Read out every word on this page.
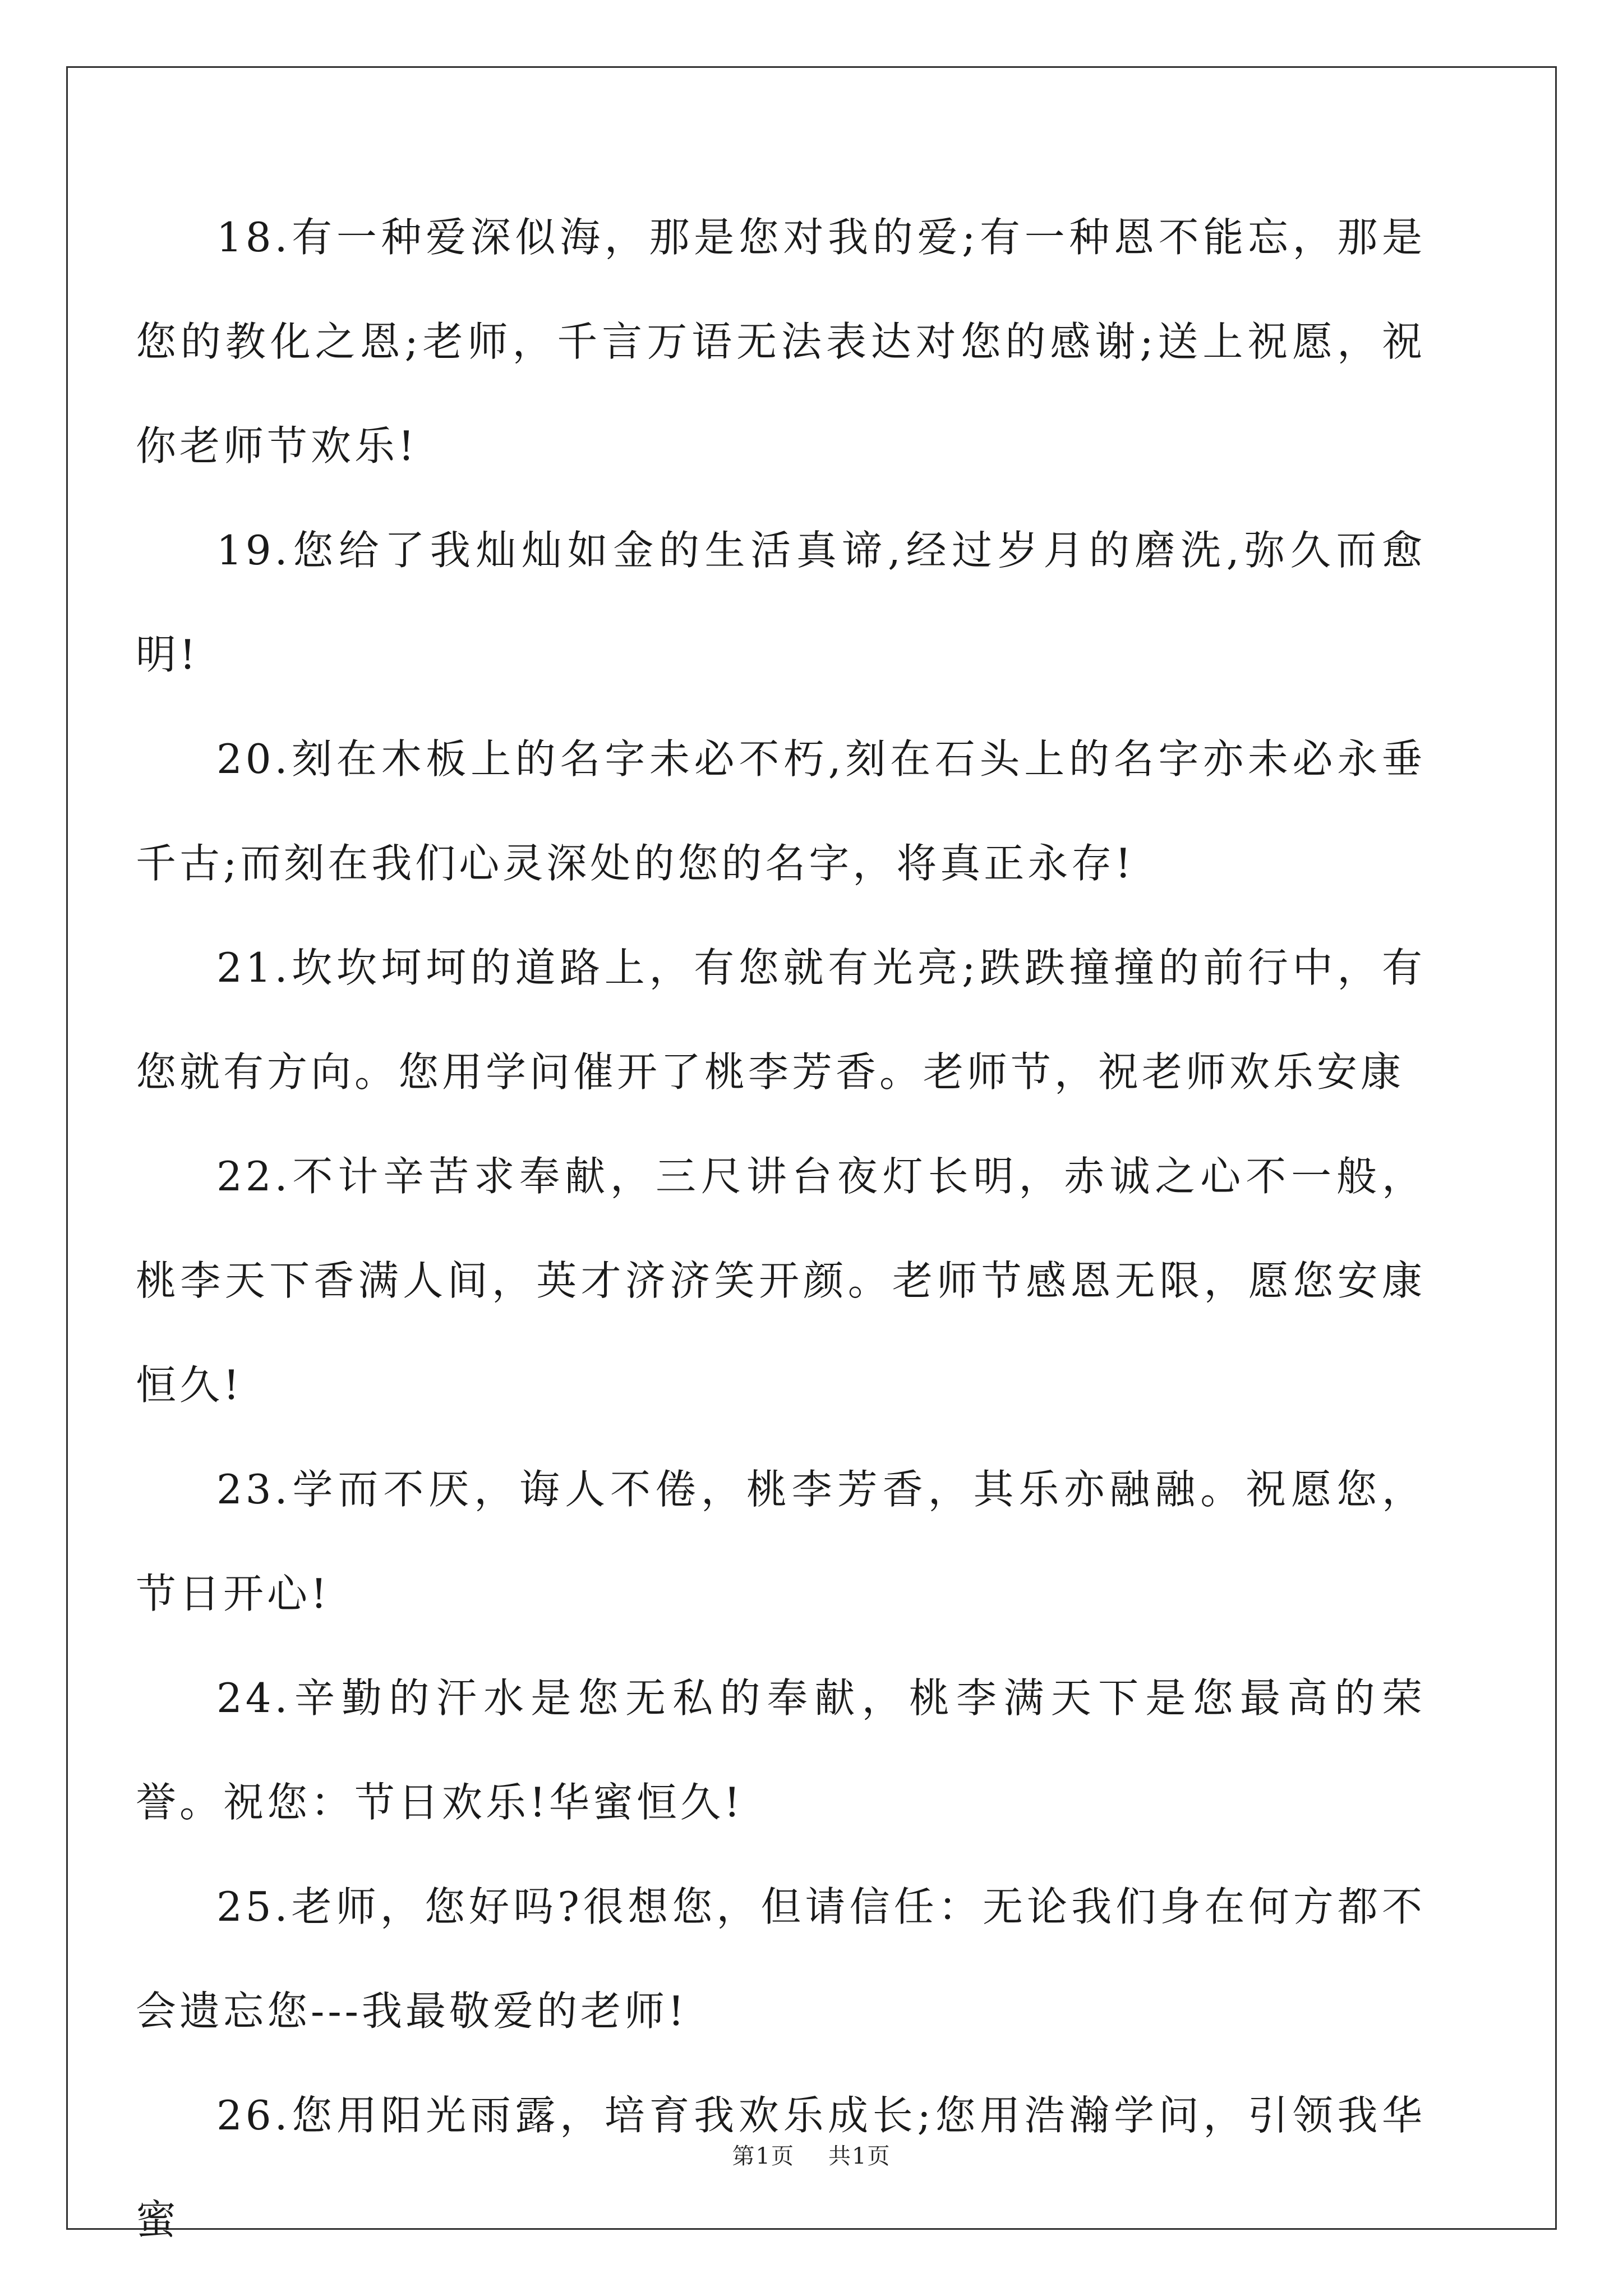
18.有一种爱深似海，那是您对我的爱;有一种恩不能忘，那是您的教化之恩;老师，千言万语无法表达对您的感谢;送上祝愿，祝你老师节欢乐!

19.您给了我灿灿如金的生活真谛,经过岁月的磨洗,弥久而愈明!

20.刻在木板上的名字未必不朽,刻在石头上的名字亦未必永垂千古;而刻在我们心灵深处的您的名字，将真正永存!

21.坎坎坷坷的道路上，有您就有光亮;跌跌撞撞的前行中，有您就有方向。您用学问催开了桃李芳香。老师节，祝老师欢乐安康

22.不计辛苦求奉献，三尺讲台夜灯长明，赤诚之心不一般，桃李天下香满人间，英才济济笑开颜。老师节感恩无限，愿您安康恒久!

23.学而不厌，诲人不倦，桃李芳香，其乐亦融融。祝愿您，节日开心!

24.辛勤的汗水是您无私的奉献，桃李满天下是您最高的荣誉。祝您：节日欢乐!华蜜恒久!

25.老师，您好吗?很想您，但请信任：无论我们身在何方都不会遗忘您---我最敬爱的老师!

26.您用阳光雨露，培育我欢乐成长;您用浩瀚学问，引领我华蜜

第1页 共1页
